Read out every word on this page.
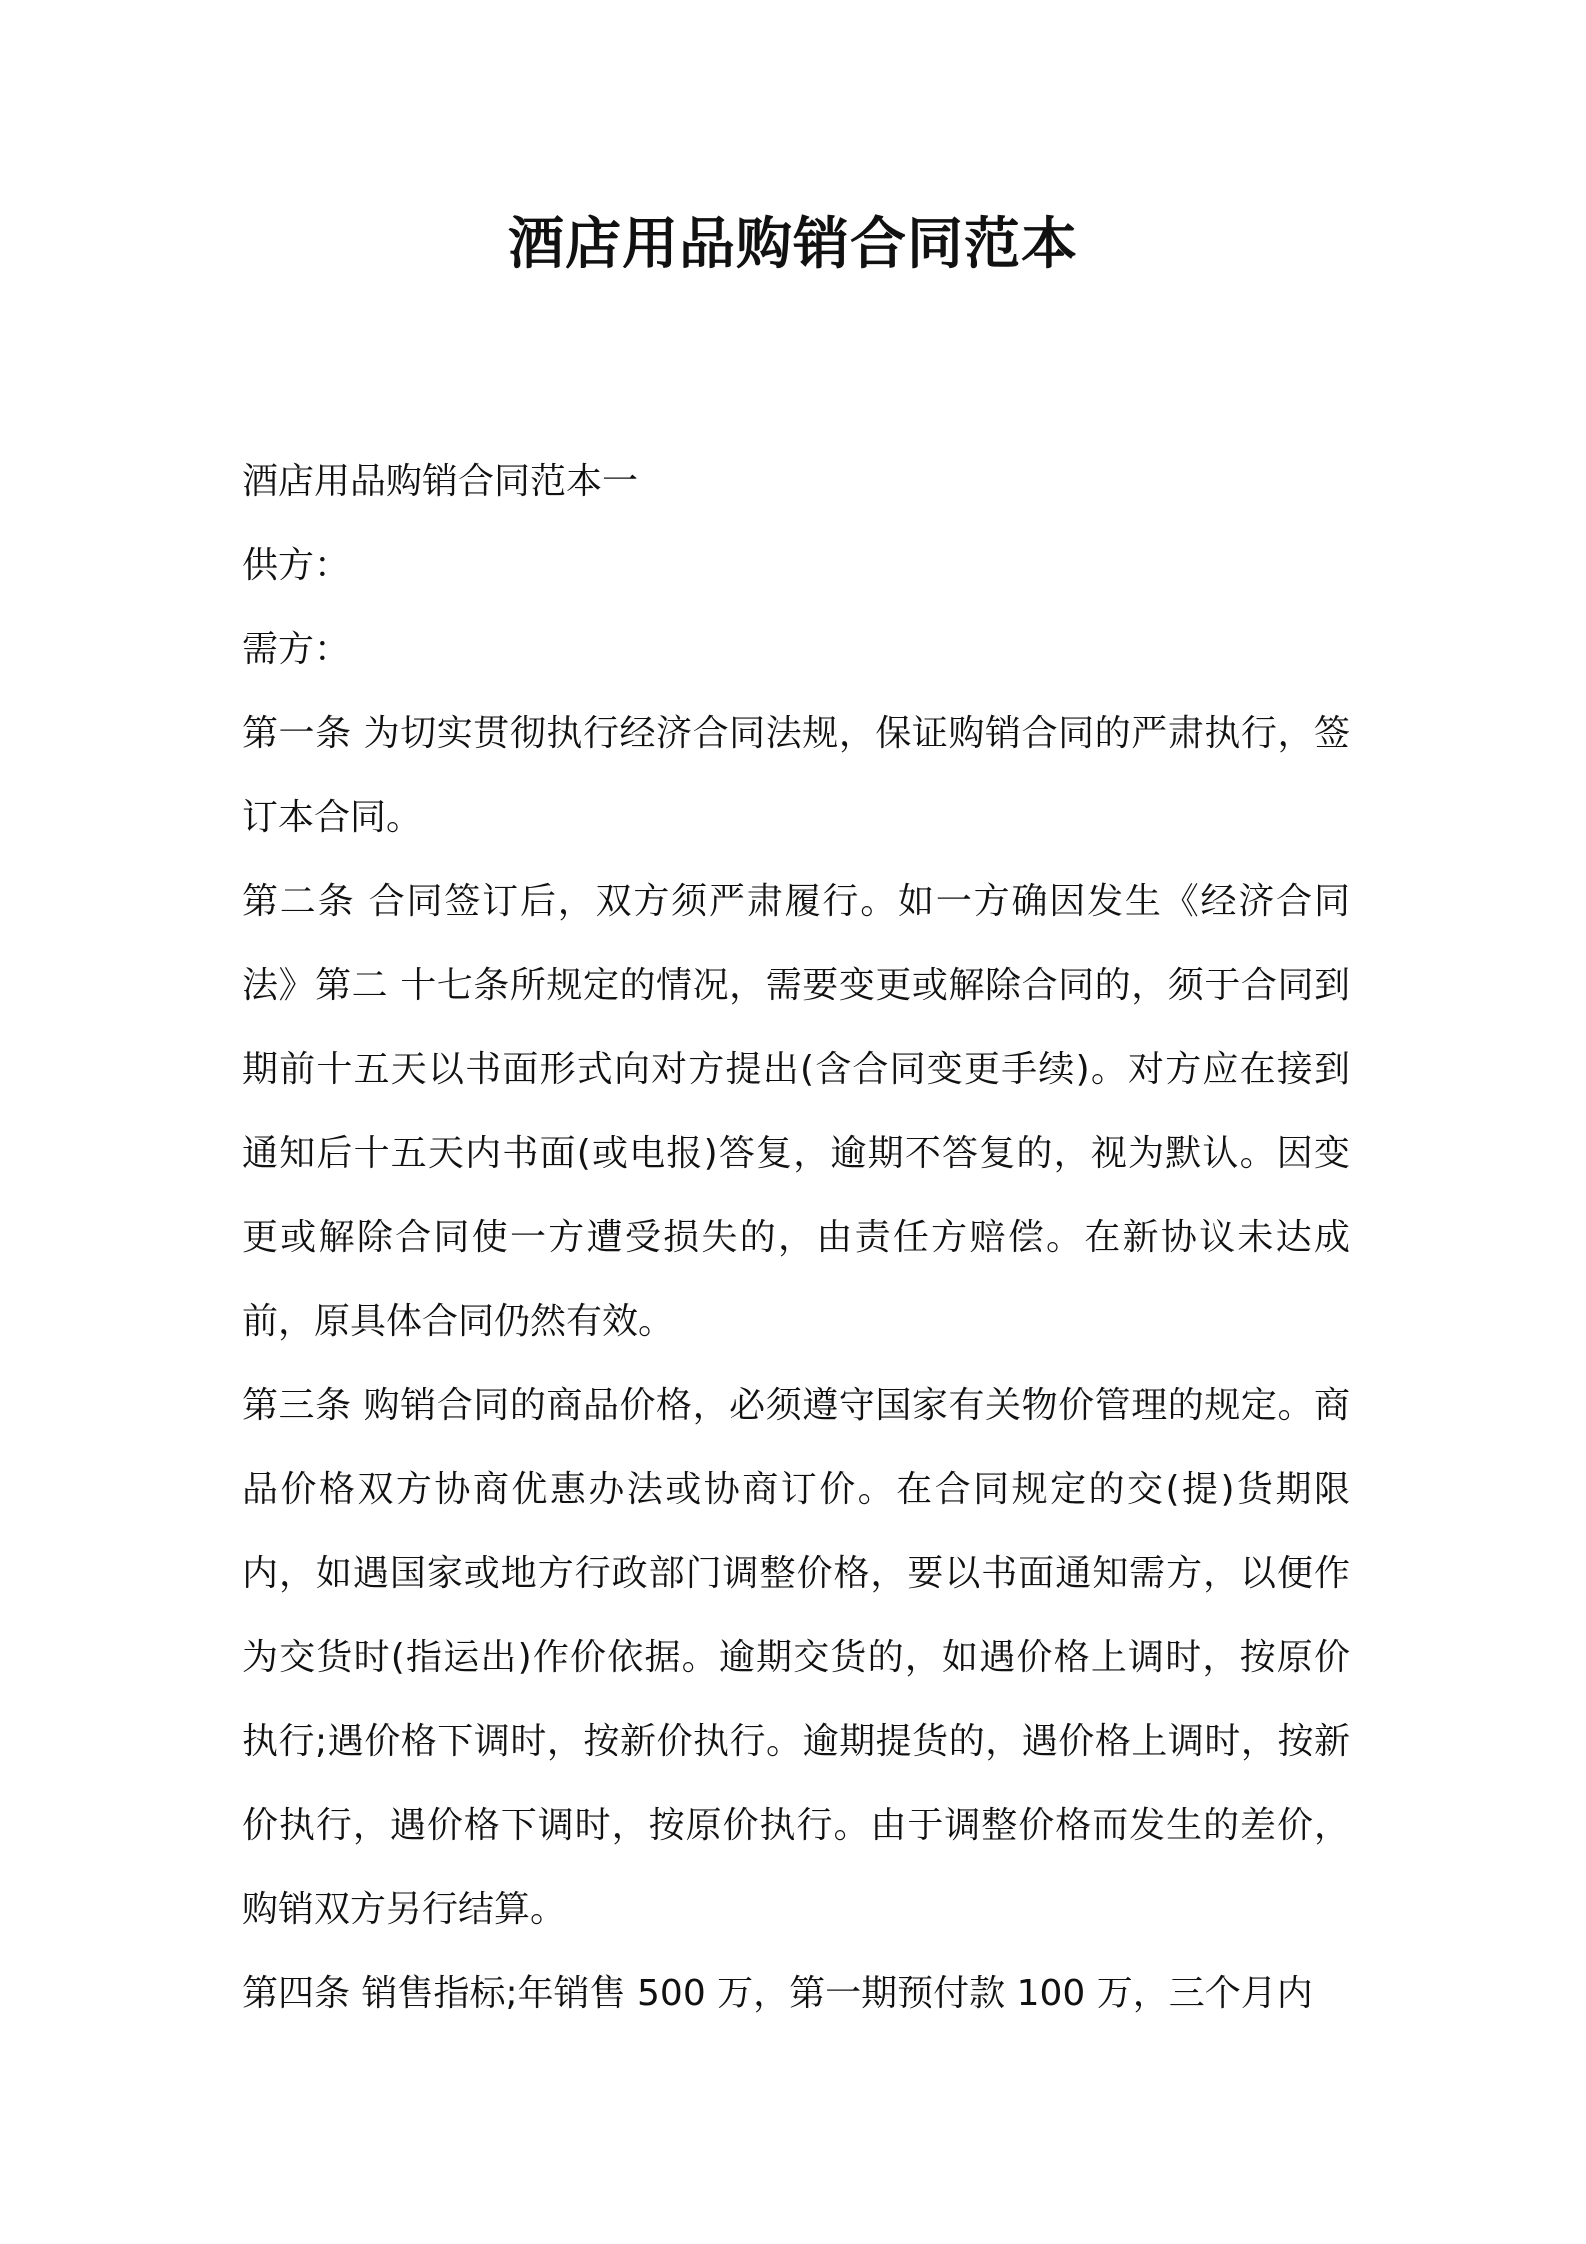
酒店用品购销合同范本

酒店用品购销合同范本一

供方：

需方：

第一条 为切实贯彻执行经济合同法规，保证购销合同的严肃执行，签订本合同。

第二条 合同签订后，双方须严肃履行。如一方确因发生《经济合同法》第二 十七条所规定的情况，需要变更或解除合同的，须于合同到期前十五天以书面形式向对方提出(含合同变更手续)。对方应在接到通知后十五天内书面(或电报)答复，逾期不答复的，视为默认。因变更或解除合同使一方遭受损失的，由责任方赔偿。在新协议未达成前，原具体合同仍然有效。

第三条 购销合同的商品价格，必须遵守国家有关物价管理的规定。商品价格双方协商优惠办法或协商订价。在合同规定的交(提)货期限内，如遇国家或地方行政部门调整价格，要以书面通知需方，以便作为交货时(指运出)作价依据。逾期交货的，如遇价格上调时，按原价执行;遇价格下调时，按新价执行。逾期提货的，遇价格上调时，按新价执行，遇价格下调时，按原价执行。由于调整价格而发生的差价，购销双方另行结算。

第四条 销售指标;年销售 500 万，第一期预付款 100 万，三个月内
